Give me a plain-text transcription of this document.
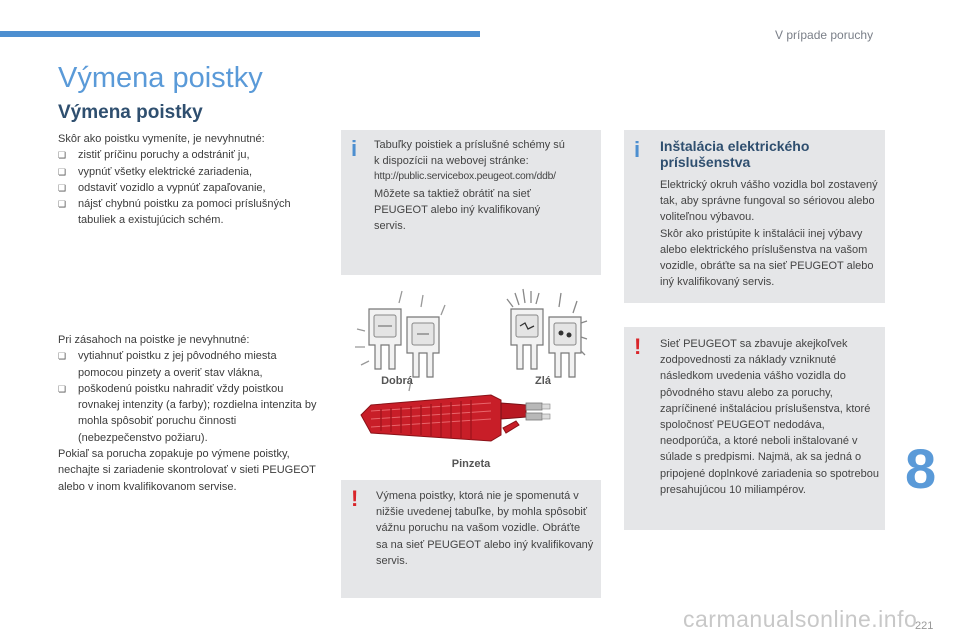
V prípade poruchy
Výmena poistky
Výmena poistky

Skôr ako poistku vymeníte, je nevyhnutné:

❏ zistiť príčinu poruchy a odstrániť ju,
❏ vypnúť všetky elektrické zariadenia,
❏ odstaviť vozidlo a vypnúť zapaľovanie,
❏ nájsť chybnú poistku za pomoci príslušných tabuliek a existujúcich schém.

Pri zásahoch na poistke je nevyhnutné:

❏ vytiahnuť poistku z jej pôvodného miesta pomocou pinzety a overiť stav vlákna,
❏ poškodenú poistku nahradiť vždy poistkou rovnakej intenzity (a farby); rozdielna intenzita by mohla spôsobiť poruchu činnosti (nebezpečenstvo požiaru).

Pokiaľ sa porucha zopakuje po výmene poistky, nechajte si zariadenie skontrolovať v sieti PEUGEOT alebo v inom kvalifikovanom servise.

i Tabuľky poistiek a príslušné schémy sú
k dispozícii na webovej stránke:
http://public.servicebox.peugeot.com/ddb/
Môžete sa taktiež obrátiť na sieť
PEUGEOT alebo iný kvalifikovaný
servis.
Dobrá	Zlá
Pinzeta
! Výmena poistky, ktorá nie je spomenutá v nižšie uvedenej tabuľke, by mohla spôsobiť vážnu poruchu na vašom vozidle. Obráťte sa na sieť PEUGEOT alebo iný kvalifikovaný servis.
i Inštalácia elektrického príslušenstva
Elektrický okruh vášho vozidla bol zostavený tak, aby správne fungoval so sériovou alebo voliteľnou výbavou.
Skôr ako pristúpite k inštalácii inej výbavy alebo elektrického príslušenstva na vašom vozidle, obráťte sa na sieť PEUGEOT alebo iný kvalifikovaný servis.
! Sieť PEUGEOT sa zbavuje akejkoľvek zodpovednosti za náklady vzniknuté následkom uvedenia vášho vozidla do pôvodného stavu alebo za poruchy, zapríčinené inštaláciou príslušenstva, ktoré spoločnosť PEUGEOT nedodáva, neodporúča, a ktoré neboli inštalované v súlade s predpismi. Najmä, ak sa jedná o pripojené doplnkové zariadenia so spotrebou presahujúcou 10 miliampérov.	8
221
carmanualsonline.info
